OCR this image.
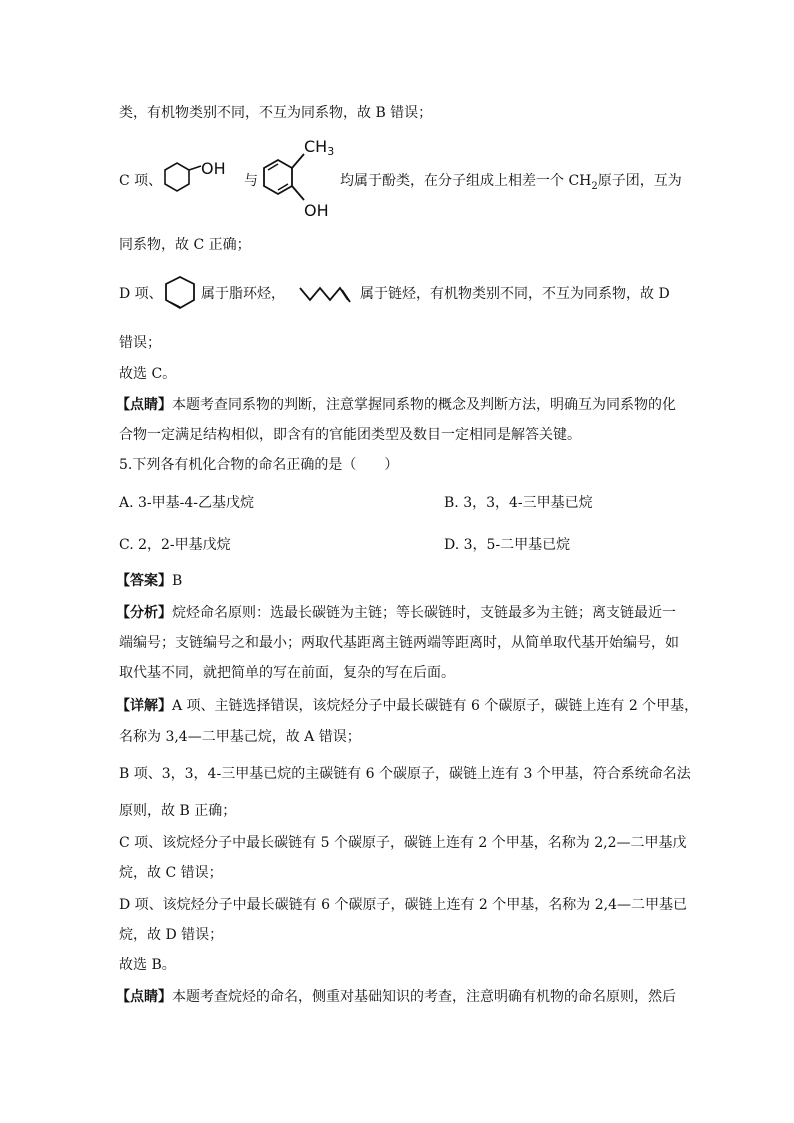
类，有机物类别不同，不互为同系物，故 B 错误；
C 项、
OH
与
CH3
OH
均属于酚类，在分子组成上相差一个 $CH_2$原子团，互为
同系物，故 C 正确；
D 项、	属于脂环烃，	属于链烃，有机物类别不同，不互为同系物，故 D
错误；
故选 C。
【点睛】本题考查同系物的判断，注意掌握同系物的概念及判断方法，明确互为同系物的化
合物一定满足结构相似，即含有的官能团类型及数目一定相同是解答关键。
5.下列各有机化合物的命名正确的是（　　）
A. 3-甲基-4-乙基戊烷	B. 3，3，4-三甲基已烷
C. 2，2-甲基戊烷	D. 3，5-二甲基已烷
【答案】B
【分析】烷烃命名原则：选最长碳链为主链；等长碳链时，支链最多为主链；离支链最近一
端编号；支链编号之和最小；两取代基距离主链两端等距离时，从简单取代基开始编号，如
取代基不同，就把简单的写在前面，复杂的写在后面。
【详解】A 项、主链选择错误，该烷烃分子中最长碳链有 6 个碳原子，碳链上连有 2 个甲基，
名称为 3,4—二甲基己烷，故 A 错误；
B 项、3，3，4-三甲基已烷的主碳链有 6 个碳原子，碳链上连有 3 个甲基，符合系统命名法
原则，故 B 正确；
C 项、该烷烃分子中最长碳链有 5 个碳原子，碳链上连有 2 个甲基，名称为 2,2—二甲基戊
烷，故 C 错误；
D 项、该烷烃分子中最长碳链有 6 个碳原子，碳链上连有 2 个甲基，名称为 2,4—二甲基已
烷，故 D 错误；
故选 B。
【点睛】本题考查烷烃的命名，侧重对基础知识的考查，注意明确有机物的命名原则，然后
